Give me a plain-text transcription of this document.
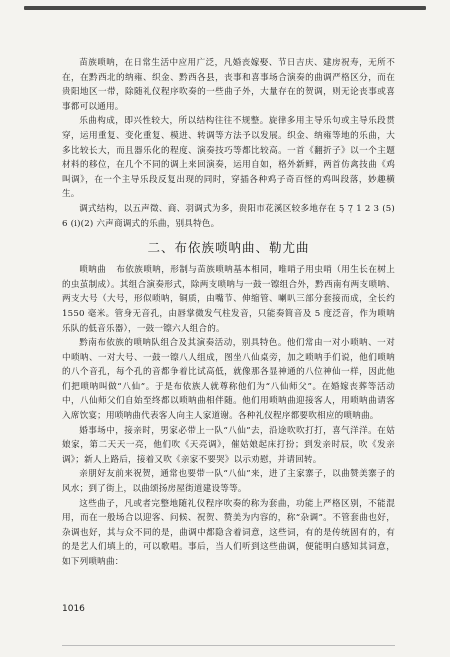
苗族唢呐，在日常生活中应用广泛，凡婚丧嫁娶、节日吉庆、建房祝寿，无所不在，在黔西北的纳雍、织金、黔西各县，丧事和喜事场合演奏的曲调严格区分，而在贵阳地区一带，除随礼仪程序吹奏的一些曲子外，大量存在的贺调，则无论丧事或喜事都可以通用。

乐曲构成，即兴性较大，所以结构往往不规整。旋律多用主导乐句或主导乐段贯穿，运用重复、变化重复、模进、转调等方法予以发展。织金、纳雍等地的乐曲，大多比较长大，而且器乐化的程度、演奏技巧等都比较高。一首《翻折子》以一个主题材料的移位，在几个不同的调上来回演奏，运用自如，格外新鲜，两首仿禽技曲《鸡叫调》，在一个主导乐段反复出现的同时，穿插各种鸡子奇百怪的鸡叫段落，妙趣横生。

调式结构，以五声徵、商、羽调式为多，贵阳市花溪区较多地存在 5̣ 7̣ 1 2 3 (5) 6 (i)(2) 六声商调式的乐曲，别具特色。

二、布依族唢呐曲、勒尤曲

唢呐曲 布依族唢呐，形制与苗族唢呐基本相同，唯哨子用虫哨（用生长在树上的虫茧制成）。其组合演奏形式，除两支唢呐与一鼓一镲组合外，黔西南有两支唢呐、两支大号（大号，形似唢呐，铜质，由嘴节、伸缩管、喇叭三部分套接而成，全长约 1550 毫米。管身无音孔，由唇掌微发气柱发音，只能奏简音及 5 度泛音，作为唢呐乐队的低音乐器），一鼓一镲六人组合的。

黔南布依族的唢呐队组合及其演奏活动，别具特色。他们常由一对小唢呐、一对中唢呐、一对大号、一鼓一镲八人组成，图坐八仙桌旁，加之唢呐手们说，他们唢呐的八个音孔，每个孔的音都争着比试高低，就像那各显神通的八位神仙一样，因此他们把唢呐叫做“八仙”。于是布依族人就尊称他们为“八仙师父”。在婚嫁丧葬等活动中，八仙师父们自始至终都以唢呐曲相伴随。他们用唢呐曲迎接客人，用唢呐曲请客入席饮宴；用唢呐曲代表客人向主人家道谢。各种礼仪程序都要吹相应的唢呐曲。

婚事场中，接亲时，男家必带上一队“八仙”去，沿途吹吹打打，喜气洋洋。在姑娘家，第二天天一亮，他们吹《天亮调》，催姑娘起床打扮；到发亲时辰，吹《发亲调》；新人上路后，接着又吹《亲家不要哭》以示劝慰，并请回转。

亲朋好友前来祝贺，通常也要带一队“八仙”来，进了主家寨子，以曲赞美寨子的风水；到了街上，以曲颂扬房屋街道建设等等。

这些曲子，凡或者完整地随礼仪程序吹奏的称为套曲，功能上严格区别，不能混用，而在一般场合以迎客、问候、祝贺、赞美为内容的，称“杂调”。不管套曲也好，杂调也好，其与众不同的是，曲调中都隐含着词意，这些词，有的是传统固有的，有的是艺人们填上的，可以歌唱。事后，当人们听到这些曲调，便能明白感知其词意，如下列唢呐曲：

1016
